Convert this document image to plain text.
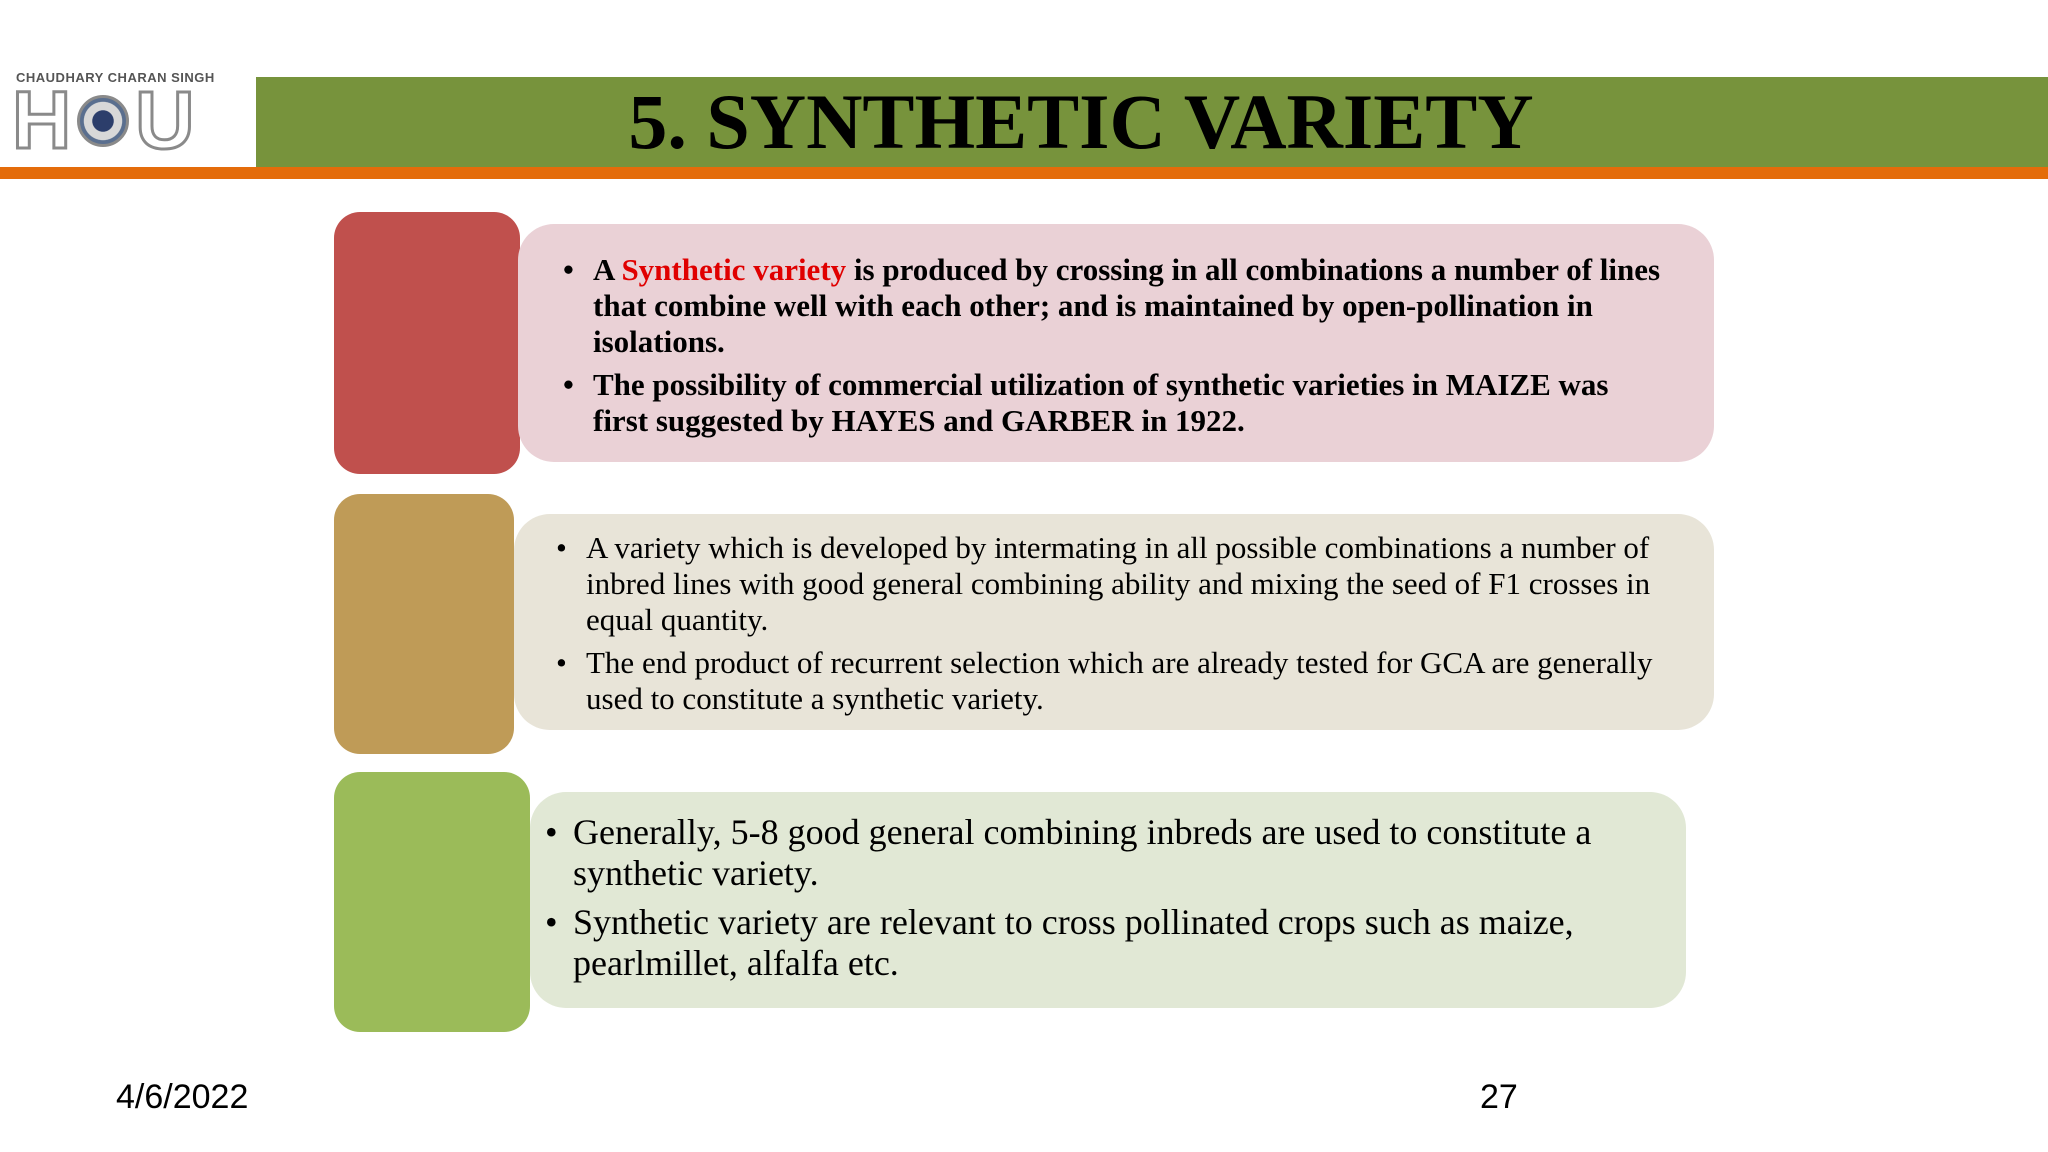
CHAUDHARY CHARAN SINGH
H U	5. SYNTHETIC VARIETY
• A Synthetic variety is produced by crossing in all combinations a number of lines that combine well with each other; and is maintained by open-pollination in isolations.
• The possibility of commercial utilization of synthetic varieties in MAIZE was first suggested by HAYES and GARBER in 1922.
• A variety which is developed by intermating in all possible combinations a number of inbred lines with good general combining ability and mixing the seed of F1 crosses in equal quantity.
• The end product of recurrent selection which are already tested for GCA are generally used to constitute a synthetic variety.
• Generally, 5-8 good general combining inbreds are used to constitute a synthetic variety.
• Synthetic variety are relevant to cross pollinated crops such as maize, pearlmillet, alfalfa etc.
4/6/2022	27
